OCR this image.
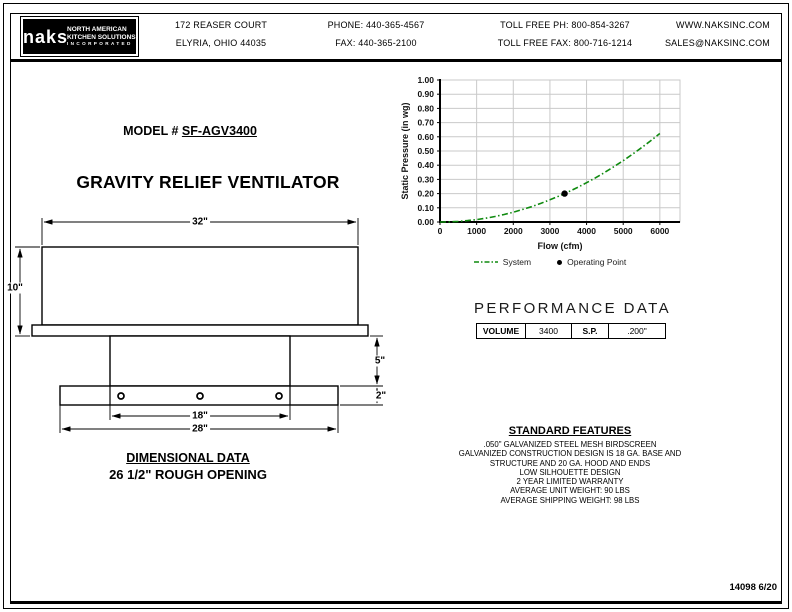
naks
NORTH AMERICAN
KITCHEN SOLUTIONS
INCORPORATED
172 REASER COURT
ELYRIA, OHIO 44035
PHONE: 440-365-4567
FAX: 440-365-2100
TOLL FREE PH: 800-854-3267
TOLL FREE FAX: 800-716-1214
WWW.NAKSINC.COM
SALES@NAKSINC.COM
MODEL # SF-AGV3400
GRAVITY RELIEF VENTILATOR
32"
10"
5"
2"
18"
28"
DIMENSIONAL DATA
26 1/2" ROUGH OPENING
0.00
0.10
0.20
0.30
0.40
0.50
0.60
0.70
0.80
0.90
1.00
0	1000 2000 3000 4000 5000 6000
Flow (cfm)
Static Pressure (in wg)
System	Operating Point
PERFORMANCE DATA
VOLUME	3400	S.P.	.200"
STANDARD FEATURES
.050" GALVANIZED STEEL MESH BIRDSCREEN
GALVANIZED CONSTRUCTION DESIGN IS 18 GA. BASE AND
STRUCTURE AND 20 GA. HOOD AND ENDS
LOW SILHOUETTE DESIGN
2 YEAR LIMITED WARRANTY
AVERAGE UNIT WEIGHT: 90 LBS
AVERAGE SHIPPING WEIGHT: 98 LBS
14098 6/20
